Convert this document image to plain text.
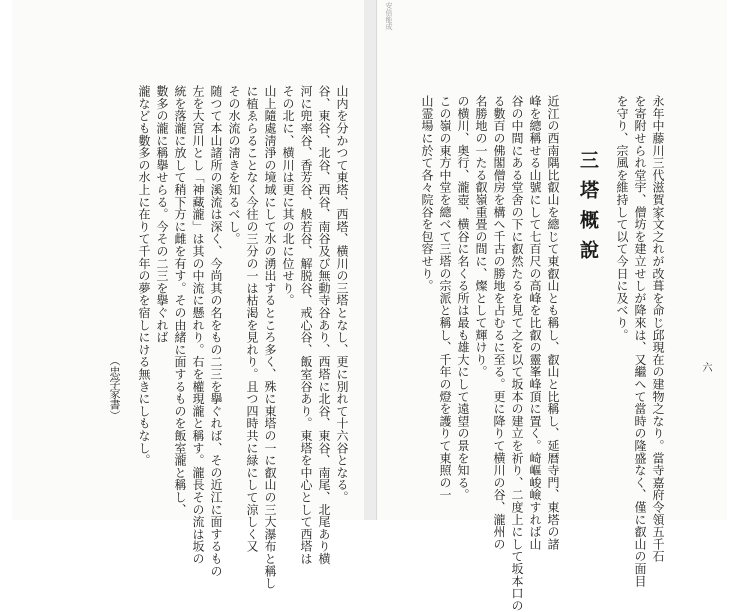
安倍能成
六
永年中藤川三代滋賀家文之れが改葺を命じ邱現在の建物之なり。當寺嘉府令領五千石
を寄附せられ堂宇、僧坊を建立せしが降來は、又繼へて當時の隆盛なく、僅に叡山の面目
を守り、宗風を維持して以て今日に及べり。
三塔概說
近江の西南隅比叡山を總じて東叡山とも稱し、叡山と比稱し、延暦寺門、東塔の諸
峰を總稱せる山號にして七百尺の高峰を比叡の靈峯峰頂に置く。崎嶇峻嶮すれば山
谷の中間にある堂舍の下に叡然たるを見て之を以て坂本の建立を祈り、二度上にして坂本口の
る數百の佛閣僧房を構へ千古の勝地を占むるに至る。更に降りて横川の谷、瀧州の
名勝地の一たる叡嶺重畳の間に、燦として輝けり。
の横川、奥行、瀧壺、横谷に名くる所は最も雄大にして遠望の景を知る。
この嶺の東方中堂を總べて三塔の宗派と稱し、千年の燈を護りて東照の一
山霊場に於て各々院谷を包容せり。
山内を分かつて東塔、西塔、横川の三塔となし、更に別れて十六谷となる。
谷、東谷、北谷、西谷、南谷及び無動寺谷あり、西塔に北谷、東谷、南尾、北尾あり横
河に兜率谷、香芳谷、般若谷、解脱谷、戒心谷、飯室谷あり。東塔を中心として西塔は
その北に、横川は更に其の北に位せり。
山上隨處淸淨の境域にして水の湧出するところ多く、殊に東塔の一に叡山の三大瀑布と稱し
に植ゑらることなく今往の三分の一は枯渇を見れり。且つ四時共に緑にして涼しく又
その水流の淸きを知るべし。
随つて本山諸所の溪流は深く、今尚其の名をもの二三を擧ぐれば、その近江に面するもの
左を大宮川とし「神藏瀧」は其の中流に懸れり。右を權現瀧と稱す。瀧長その流は坂の
統を落瀧に放して稍下方に雌を有す。その由緒に面するものを飯室瀧と稱し、
數多の瀧に稱擧せらる。今その二三を擧ぐれば
瀧なども數多の水上に在りて千年の夢を宿しにける無きにしもなし。
（忠学家書）
